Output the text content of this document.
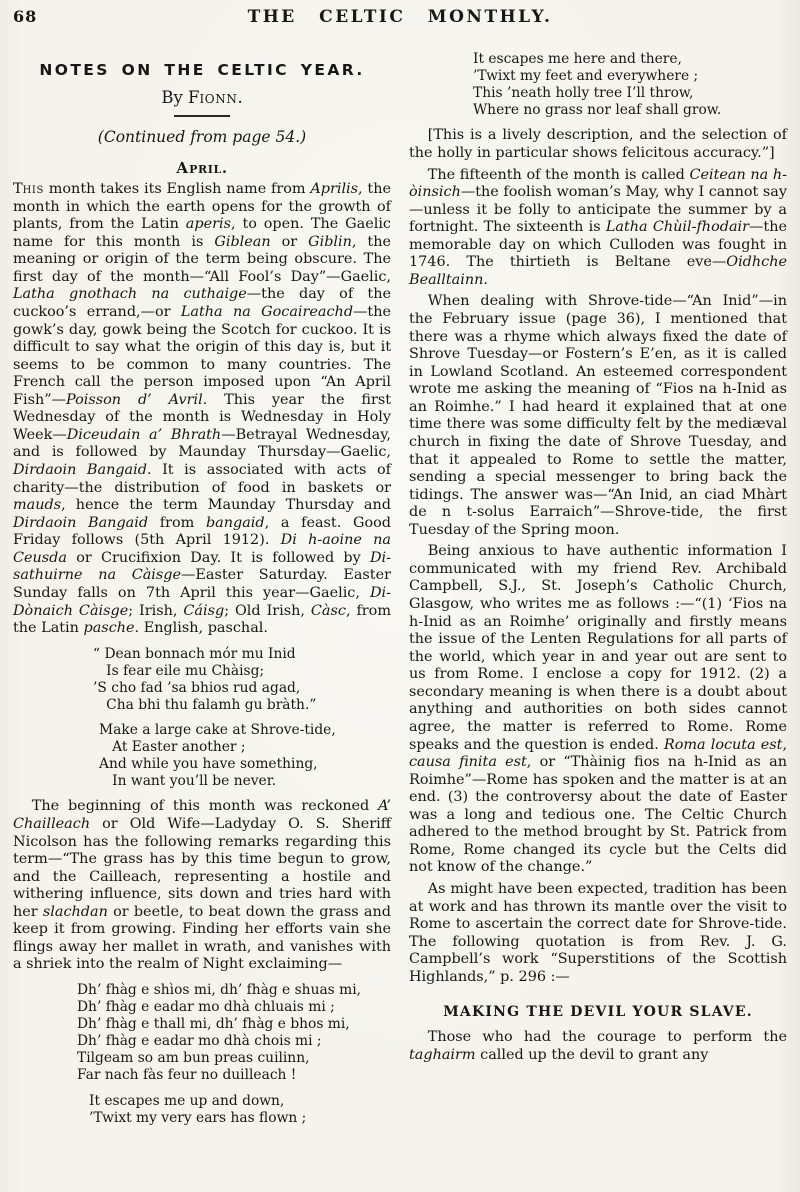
68	THE CELTIC MONTHLY.
NOTES ON THE CELTIC YEAR.
By Fionn.
(Continued from page 54.)
April.

This month takes its English name from Aprilis, the month in which the earth opens for the growth of plants, from the Latin aperis, to open. The Gaelic name for this month is Giblean or Giblin, the meaning or origin of the term being obscure. The first day of the month—“All Fool’s Day”—Gaelic, Latha gnothach na cuthaige—the day of the cuckoo’s errand,—or Latha na Gocaireachd—the gowk’s day, gowk being the Scotch for cuckoo. It is difficult to say what the origin of this day is, but it seems to be common to many countries. The French call the person imposed upon “An April Fish”—Poisson d’ Avril. This year the first Wednesday of the month is Wednesday in Holy Week—Diceudain a’ Bhrath—Betrayal Wednesday, and is followed by Maunday Thursday—Gaelic, Dirdaoin Bangaid. It is associated with acts of charity—the distribution of food in baskets or mauds, hence the term Maunday Thursday and Dirdaoin Bangaid from bangaid, a feast. Good Friday follows (5th April 1912). Di h-aoine na Ceusda or Crucifixion Day. It is followed by Di-sathuirne na Càisge—Easter Saturday. Easter Sunday falls on 7th April this year—Gaelic, Di-Dònaich Càisge; Irish, Cáisg; Old Irish, Càsc, from the Latin pasche. English, paschal.

“ Dean bonnach mór mu Inid
Is fear eile mu Chàisg;
’S cho fad ’sa bhios rud agad,
Cha bhi thu falamh gu bràth.”
Make a large cake at Shrove-tide,
At Easter another ;
And while you have something,
In want you’ll be never.

The beginning of this month was reckoned A’ Chailleach or Old Wife—Ladyday O. S. Sheriff Nicolson has the following remarks regarding this term—“The grass has by this time begun to grow, and the Cailleach, representing a hostile and withering influence, sits down and tries hard with her slachdan or beetle, to beat down the grass and keep it from growing. Finding her efforts vain she flings away her mallet in wrath, and vanishes with a shriek into the realm of Night exclaiming—

Dh’ fhàg e shìos mi, dh’ fhàg e shuas mi,
Dh’ fhàg e eadar mo dhà chluais mi ;
Dh’ fhàg e thall mi, dh’ fhàg e bhos mi,
Dh’ fhàg e eadar mo dhà chois mi ;
Tilgeam so am bun preas cuilinn,
Far nach fàs feur no duilleach !
It escapes me up and down,
’Twixt my very ears has flown ;
It escapes me here and there,
’Twixt my feet and everywhere ;
This ’neath holly tree I’ll throw,
Where no grass nor leaf shall grow.

[This is a lively description, and the selection of the holly in particular shows felicitous accuracy.”]

The fifteenth of the month is called Ceitean na h-òinsich—the foolish woman’s May, why I cannot say—unless it be folly to anticipate the summer by a fortnight. The sixteenth is Latha Chùil-fhodair—the memorable day on which Culloden was fought in 1746. The thirtieth is Beltane eve—Oidhche Bealltainn.

When dealing with Shrove-tide—“An Inid”—in the February issue (page 36), I mentioned that there was a rhyme which always fixed the date of Shrove Tuesday—or Fostern’s E’en, as it is called in Lowland Scotland. An esteemed correspondent wrote me asking the meaning of “Fios na h-Inid as an Roimhe.” I had heard it explained that at one time there was some difficulty felt by the mediæval church in fixing the date of Shrove Tuesday, and that it appealed to Rome to settle the matter, sending a special messenger to bring back the tidings. The answer was—“An Inid, an ciad Mhàrt de n t-solus Earraich”—Shrove-tide, the first Tuesday of the Spring moon.

Being anxious to have authentic information I communicated with my friend Rev. Archibald Campbell, S.J., St. Joseph’s Catholic Church, Glasgow, who writes me as follows :—“(1) ‘Fios na h-Inid as an Roimhe’ originally and firstly means the issue of the Lenten Regulations for all parts of the world, which year in and year out are sent to us from Rome. I enclose a copy for 1912. (2) a secondary meaning is when there is a doubt about anything and authorities on both sides cannot agree, the matter is referred to Rome. Rome speaks and the question is ended. Roma locuta est, causa finita est, or “Thàinig fios na h-Inid as an Roimhe”—Rome has spoken and the matter is at an end. (3) the controversy about the date of Easter was a long and tedious one. The Celtic Church adhered to the method brought by St. Patrick from Rome, Rome changed its cycle but the Celts did not know of the change.”

As might have been expected, tradition has been at work and has thrown its mantle over the visit to Rome to ascertain the correct date for Shrove-tide. The following quotation is from Rev. J. G. Campbell’s work “Superstitions of the Scottish Highlands,” p. 296 :—

MAKING THE DEVIL YOUR SLAVE.

Those who had the courage to perform the taghairm called up the devil to grant any
